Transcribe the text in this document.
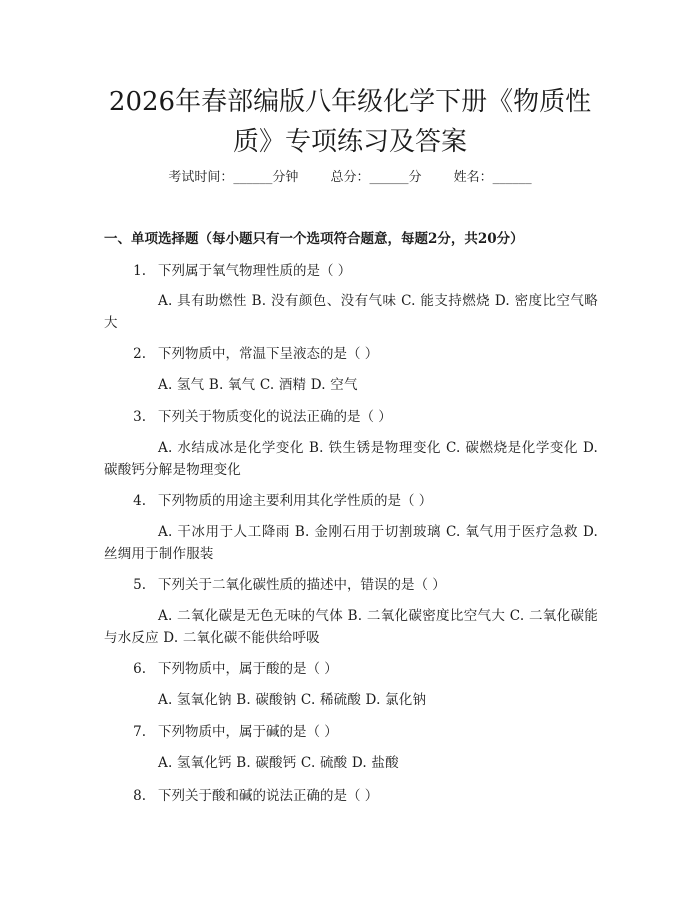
2026年春部编版八年级化学下册《物质性质》专项练习及答案
考试时间：______分钟 总分：______分 姓名：______
一、单项选择题（每小题只有一个选项符合题意，每题2分，共20分）
1. 下列属于氧气物理性质的是（ ）
A. 具有助燃性 B. 没有颜色、没有气味 C. 能支持燃烧 D. 密度比空气略大
2. 下列物质中，常温下呈液态的是（ ）
A. 氢气 B. 氧气 C. 酒精 D. 空气
3. 下列关于物质变化的说法正确的是（ ）
A. 水结成冰是化学变化 B. 铁生锈是物理变化 C. 碳燃烧是化学变化 D. 碳酸钙分解是物理变化
4. 下列物质的用途主要利用其化学性质的是（ ）
A. 干冰用于人工降雨 B. 金刚石用于切割玻璃 C. 氧气用于医疗急救 D. 丝绸用于制作服装
5. 下列关于二氧化碳性质的描述中，错误的是（ ）
A. 二氧化碳是无色无味的气体 B. 二氧化碳密度比空气大 C. 二氧化碳能与水反应 D. 二氧化碳不能供给呼吸
6. 下列物质中，属于酸的是（ ）
A. 氢氧化钠 B. 碳酸钠 C. 稀硫酸 D. 氯化钠
7. 下列物质中，属于碱的是（ ）
A. 氢氧化钙 B. 碳酸钙 C. 硫酸 D. 盐酸
8. 下列关于酸和碱的说法正确的是（ ）
